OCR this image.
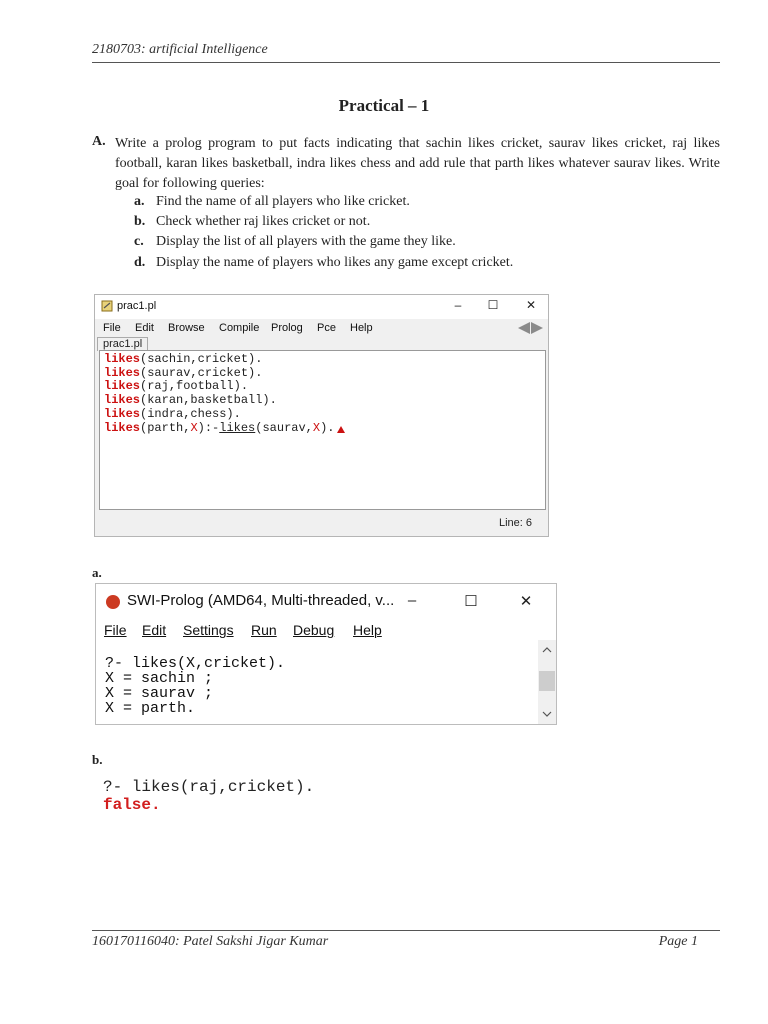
2180703: artificial Intelligence
Practical – 1
A. Write a prolog program to put facts indicating that sachin likes cricket, saurav likes cricket, raj likes football, karan likes basketball, indra likes chess and add rule that parth likes whatever saurav likes. Write goal for following queries:
a. Find the name of all players who like cricket.
b. Check whether raj likes cricket or not.
c. Display the list of all players with the game they like.
d. Display the name of players who likes any game except cricket.
prac1.pl	–	☐	✕
File Edit Browse Compile Prolog Pce Help
prac1.pl
likes(sachin,cricket).
likes(saurav,cricket).
likes(raj,football).
likes(karan,basketball).
likes(indra,chess).
likes(parth,X):-likes(saurav,X).
Line: 6
a.
SWI-Prolog (AMD64, Multi-threaded, v... –	☐	✕
File Edit Settings Run Debug Help
?- likes(X,cricket).
X = sachin ;
X = saurav ;
X = parth.
b.
?- likes(raj,cricket).
false.
160170116040: Patel Sakshi Jigar Kumar	Page 1
